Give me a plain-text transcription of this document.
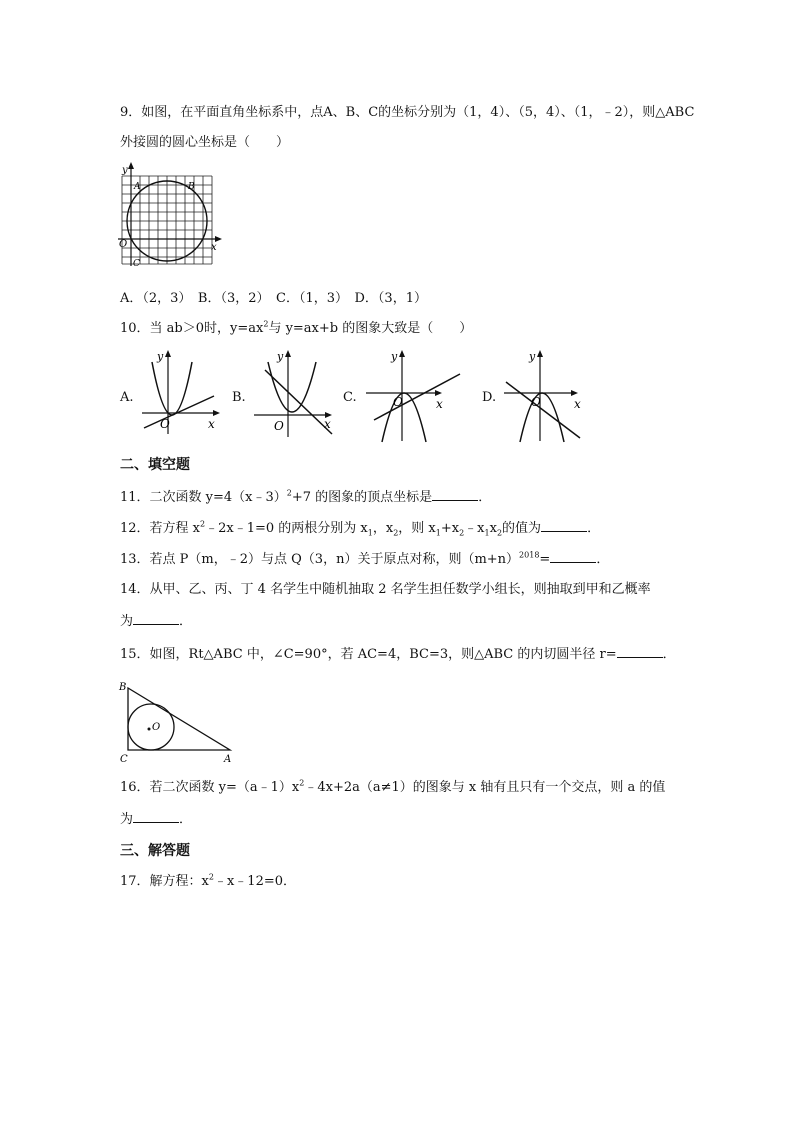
9．如图，在平面直角坐标系中，点A、B、C的坐标分别为（1，4）、（5，4）、（1，﹣2），则△ABC
外接圆的圆心坐标是（　　）
y
x
O
A	B
C
A．（2，3）　B．（3，2）　C．（1，3）　D．（3，1）
10．当 ab＞0时，$y=ax^2$与 y=ax+b 的图象大致是（　　）
A.
y
x
O
B.
y
x
O
C.
y
x
O	D.
y
x
O
二、填空题
11．二次函数 y=4（x﹣3）$^2$+7 的图象的顶点坐标是	．
12．若方程 $x^2﹣2x﹣1=0$ 的两根分别为 $x_1$，$x_2$，则 $x_1+x_2﹣x_1x_2$的值为	．
13．若点 P（m，﹣2）与点 Q（3，n）关于原点对称，则$(m+n)^{2018}=$	．
14．从甲、乙、丙、丁 4 名学生中随机抽取 2 名学生担任数学小组长，则抽取到甲和乙概率
为	．
15．如图，Rt△ABC 中，∠C=90°，若 AC=4，BC=3，则△ABC 的内切圆半径 r=	．
B
C	A
O
16．若二次函数 $y=(a﹣1)x^2﹣4x+2a(a\ne 1)$的图象与 x 轴有且只有一个交点，则 a 的值
为	．
三、解答题
17．解方程：$x^2﹣x﹣12=0$．
